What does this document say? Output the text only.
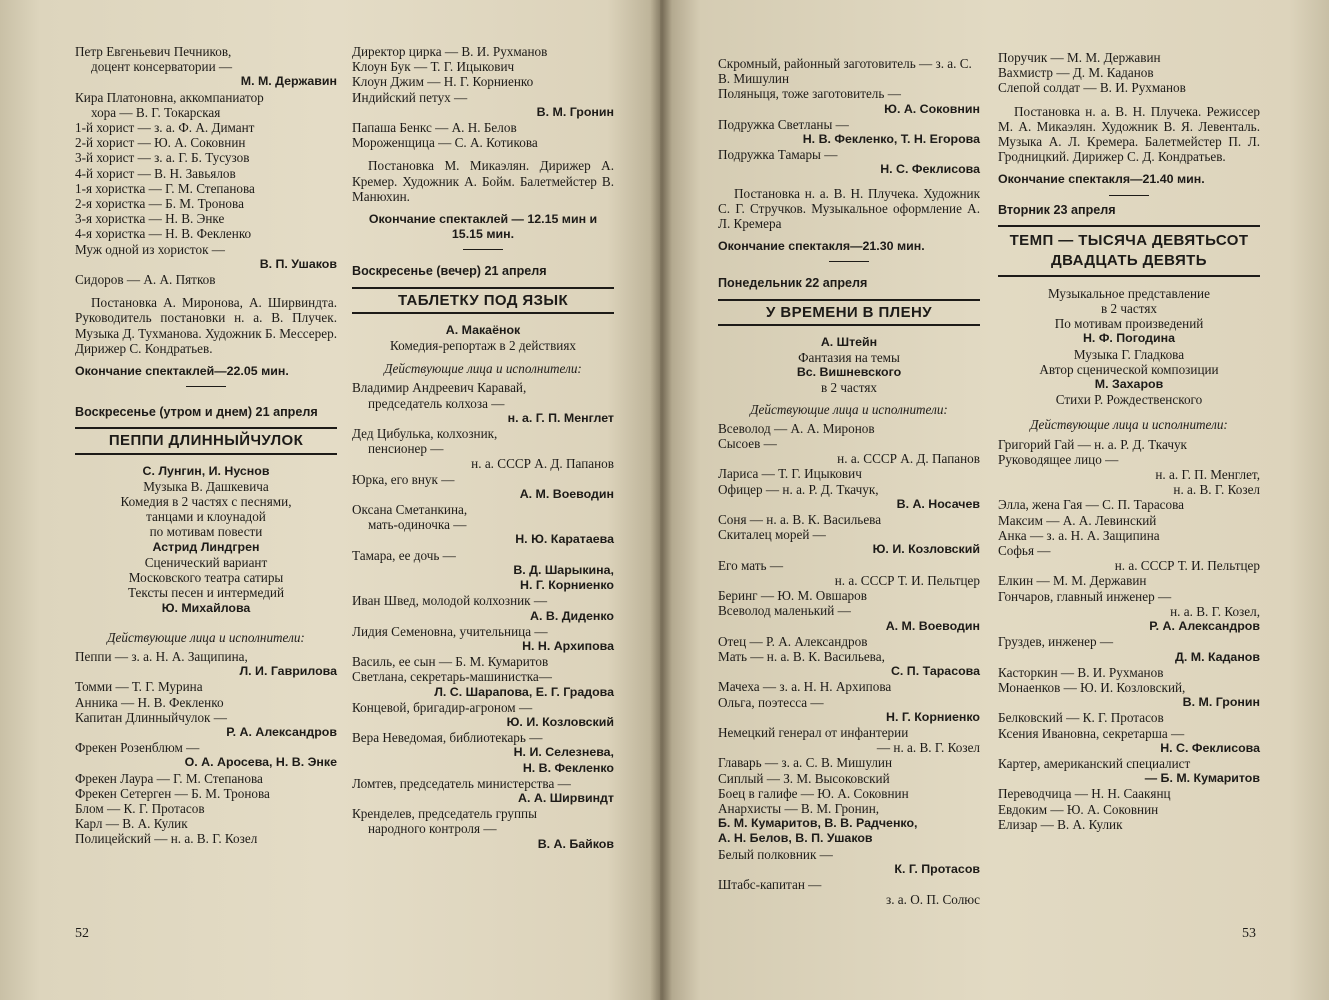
Петр Евгеньевич Печников,
доцент консерватории —
М. М. Державин
Кира Платоновна, аккомпаниатор
хора — В. Г. Токарская
1-й хорист — з. а. Ф. А. Димант
2-й хорист — Ю. А. Соковнин
3-й хорист — з. а. Г. Б. Тусузов
4-й хорист — В. Н. Завьялов
1-я хористка — Г. М. Степанова
2-я хористка — Б. М. Тронова
3-я хористка — Н. В. Энке
4-я хористка — Н. В. Фекленко
Муж одной из хористок —
В. П. Ушаков
Сидоров — А. А. Пятков
Постановка А. Миронова, А. Ширвиндта. Руководитель постановки н. а. В. Плучек. Музыка Д. Тухманова. Художник Б. Мессерер. Дирижер С. Кондратьев.
Окончание спектаклей—22.05 мин.
Воскресенье (утром и днем) 21 апреля
ПЕППИ ДЛИННЫЙЧУЛОК
С. Лунгин, И. Нуснов
Музыка В. Дашкевича
Комедия в 2 частях с песнями,
танцами и клоунадой
по мотивам повести
Астрид Линдгрен
Сценический вариант
Московского театра сатиры
Тексты песен и интермедий
Ю. Михайлова
Действующие лица и исполнители:
Пеппи — з. а. Н. А. Защипина,
Л. И. Гаврилова
Томми — Т. Г. Мурина
Анника — Н. В. Фекленко
Капитан Длинныйчулок —
Р. А. Александров
Фрекен Розенблюм —
О. А. Аросева, Н. В. Энке
Фрекен Лаура — Г. М. Степанова
Фрекен Сетерген — Б. М. Тронова
Блом — К. Г. Протасов
Карл — В. А. Кулик
Полицейский — н. а. В. Г. Козел
Директор цирка — В. И. Рухманов
Клоун Бук — Т. Г. Ицыкович
Клоун Джим — Н. Г. Корниенко
Индийский петух —
В. М. Гронин
Папаша Бенкс — А. Н. Белов
Мороженщица — С. А. Котикова
Постановка М. Микаэлян. Дирижер А. Кремер. Художник А. Бойм. Балетмейстер В. Манюхин.
Окончание спектаклей — 12.15 мин и 15.15 мин.
Воскресенье (вечер) 21 апреля
ТАБЛЕТКУ ПОД ЯЗЫК
А. Макаёнок
Комедия-репортаж в 2 действиях
Действующие лица и исполнители:
Владимир Андреевич Каравай,
председатель колхоза —
н. а. Г. П. Менглет
Дед Цибулька, колхозник,
пенсионер —
н. а. СССР А. Д. Папанов
Юрка, его внук —
А. М. Воеводин
Оксана Сметанкина,
мать-одиночка —
Н. Ю. Каратаева
Тамара, ее дочь —
В. Д. Шарыкина,
Н. Г. Корниенко
Иван Швед, молодой колхозник —
А. В. Диденко
Лидия Семеновна, учительница —
Н. Н. Архипова
Василь, ее сын — Б. М. Кумаритов
Светлана, секретарь-машинистка—
Л. С. Шарапова, Е. Г. Градова
Концевой, бригадир-агроном —
Ю. И. Козловский
Вера Неведомая, библиотекарь —
Н. И. Селезнева,
Н. В. Фекленко
Ломтев, председатель министерства —
А. А. Ширвиндт
Кренделев, председатель группы
народного контроля —
В. А. Байков
52
Скромный, районный заготовитель — з. а. С. В. Мишулин
Поляныця, тоже заготовитель —
Ю. А. Соковнин
Подружка Светланы —
Н. В. Фекленко, Т. Н. Егорова
Подружка Тамары —
Н. С. Феклисова
Постановка н. а. В. Н. Плучека. Художник С. Г. Стручков. Музыкальное оформление А. Л. Кремера
Окончание спектакля—21.30 мин.
Понедельник 22 апреля
У ВРЕМЕНИ В ПЛЕНУ
А. Штейн
Фантазия на темы
Вс. Вишневского
в 2 частях
Действующие лица и исполнители:
Всеволод — А. А. Миронов
Сысоев —
н. а. СССР А. Д. Папанов
Лариса — Т. Г. Ицыкович
Офицер — н. а. Р. Д. Ткачук,
В. А. Носачев
Соня — н. а. В. К. Васильева
Скиталец морей —
Ю. И. Козловский
Его мать —
н. а. СССР Т. И. Пельтцер
Беринг — Ю. М. Овшаров
Всеволод маленький —
А. М. Воеводин
Отец — Р. А. Александров
Мать — н. а. В. К. Васильева,
С. П. Тарасова
Мачеха — з. а. Н. Н. Архипова
Ольга, поэтесса —
Н. Г. Корниенко
Немецкий генерал от инфантерии
— н. а. В. Г. Козел
Главарь — з. а. С. В. Мишулин
Сиплый — З. М. Высоковский
Боец в галифе — Ю. А. Соковнин
Анархисты — В. М. Гронин,
Б. М. Кумаритов, В. В. Радченко,
А. Н. Белов, В. П. Ушаков
Белый полковник —
К. Г. Протасов
Штабс-капитан —
з. а. О. П. Солюс
Поручик — М. М. Державин
Вахмистр — Д. М. Каданов
Слепой солдат — В. И. Рухманов
Постановка н. а. В. Н. Плучека. Режиссер М. А. Микаэлян. Художник В. Я. Левенталь. Музыка А. Л. Кремера. Балетмейстер П. Л. Гродницкий. Дирижер С. Д. Кондратьев.
Окончание спектакля—21.40 мин.
Вторник 23 апреля
ТЕМП — ТЫСЯЧА ДЕВЯТЬСОТ ДВАДЦАТЬ ДЕВЯТЬ
Музыкальное представление
в 2 частях
По мотивам произведений
Н. Ф. Погодина
Музыка Г. Гладкова
Автор сценической композиции
М. Захаров
Стихи Р. Рождественского
Действующие лица и исполнители:
Григорий Гай — н. а. Р. Д. Ткачук
Руководящее лицо —
н. а. Г. П. Менглет,
н. а. В. Г. Козел
Элла, жена Гая — С. П. Тарасова
Максим — А. А. Левинский
Анка — з. а. Н. А. Защипина
Софья —
н. а. СССР Т. И. Пельтцер
Елкин — М. М. Державин
Гончаров, главный инженер —
н. а. В. Г. Козел,
Р. А. Александров
Груздев, инженер —
Д. М. Каданов
Касторкин — В. И. Рухманов
Монаенков — Ю. И. Козловский,
В. М. Гронин
Белковский — К. Г. Протасов
Ксения Ивановна, секретарша —
Н. С. Феклисова
Картер, американский специалист
— Б. М. Кумаритов
Переводчица — Н. Н. Саакянц
Евдоким — Ю. А. Соковнин
Елизар — В. А. Кулик
53
